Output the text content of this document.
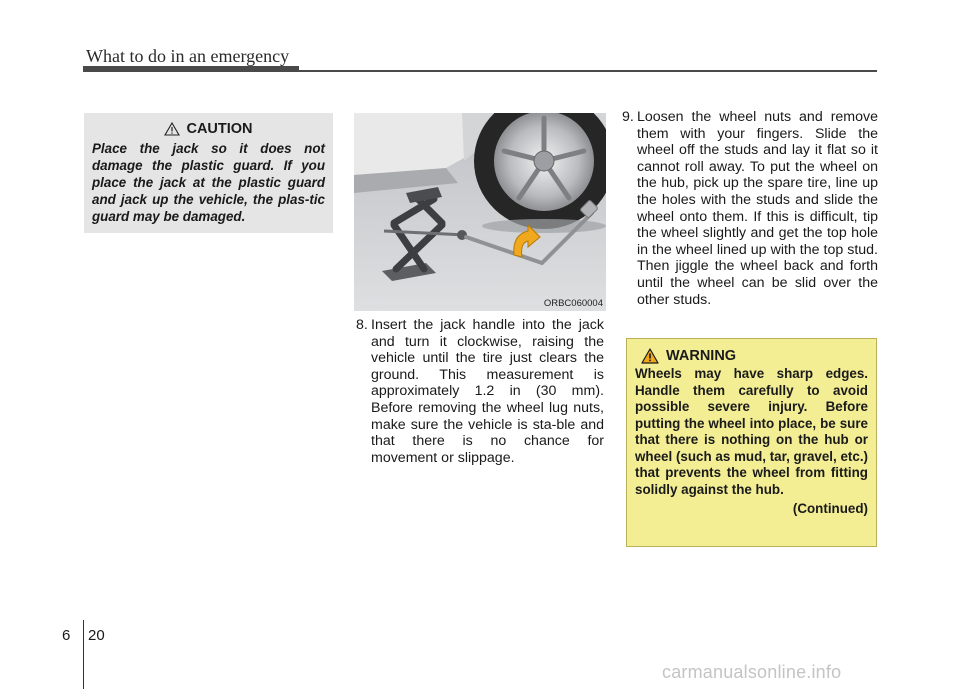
What to do in an emergency
CAUTION

Place the jack so it does not damage the plastic guard. If you place the jack at the plastic guard and jack up the vehicle, the plas-tic guard may be damaged.

ORBC060004
8. Insert the jack handle into the jack and turn it clockwise, raising the vehicle until the tire just clears the ground. This measurement is approximately 1.2 in (30 mm). Before removing the wheel lug nuts, make sure the vehicle is sta-ble and that there is no chance for movement or slippage.
9. Loosen the wheel nuts and remove them with your fingers. Slide the wheel off the studs and lay it flat so it cannot roll away. To put the wheel on the hub, pick up the spare tire, line up the holes with the studs and slide the wheel onto them. If this is difficult, tip the wheel slightly and get the top hole in the wheel lined up with the top stud. Then jiggle the wheel back and forth until the wheel can be slid over the other studs.
WARNING

Wheels may have sharp edges. Handle them carefully to avoid possible severe injury. Before putting the wheel into place, be sure that there is nothing on the hub or wheel (such as mud, tar, gravel, etc.) that prevents the wheel from fitting solidly against the hub.

(Continued)
6 20
carmanualsonline.info
